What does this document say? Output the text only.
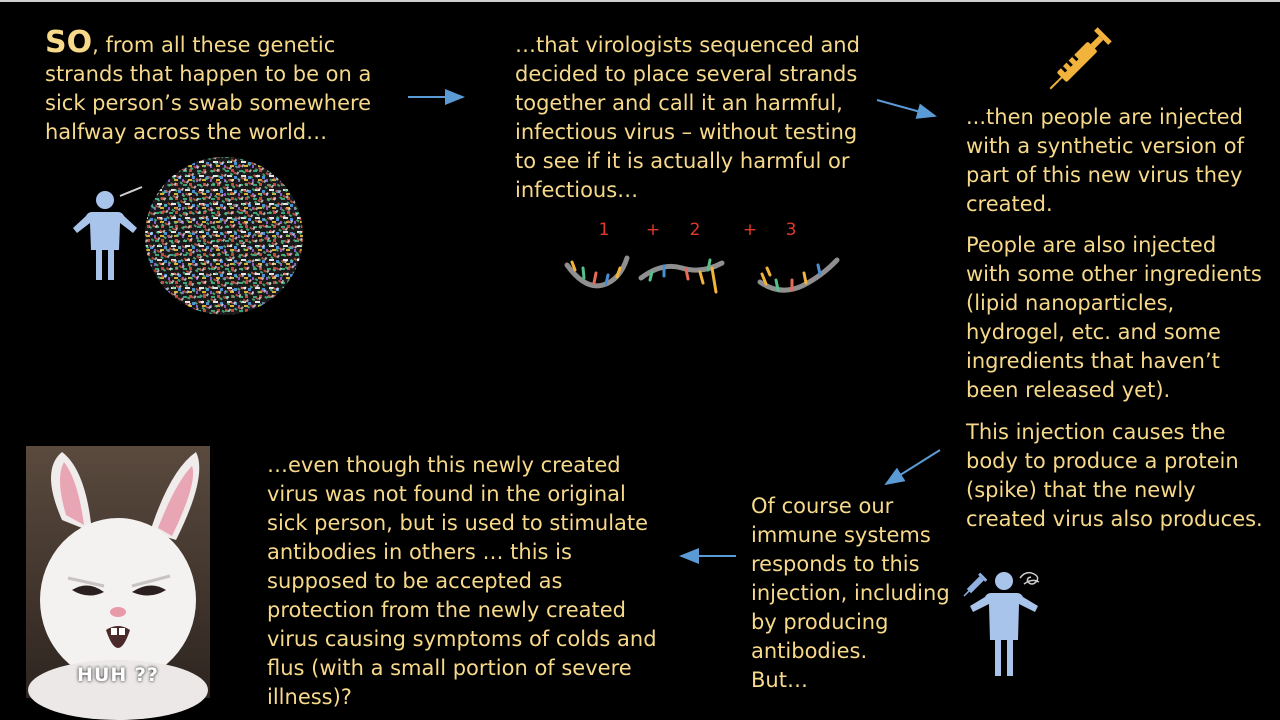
SO, from all these genetic
strands that happen to be on a
sick person’s swab somewhere
halfway across the world…
…that virologists sequenced and
decided to place several strands
together and call it an harmful,
infectious virus – without testing
to see if it is actually harmful or
infectious…
...then people are injected
with a synthetic version of
part of this new virus they
created.
People are also injected
with some other ingredients
(lipid nanoparticles,
hydrogel, etc. and some
ingredients that haven’t
been released yet).
This injection causes the
body to produce a protein
(spike) that the newly
created virus also produces.
Of course our
immune systems
responds to this
injection, including
by producing
antibodies.
But…
…even though this newly created
virus was not found in the original
sick person, but is used to stimulate
antibodies in others … this is
supposed to be accepted as
protection from the newly created
virus causing symptoms of colds and
flus (with a small portion of severe
illness)?
1 + 2 + 3
HUH ??
